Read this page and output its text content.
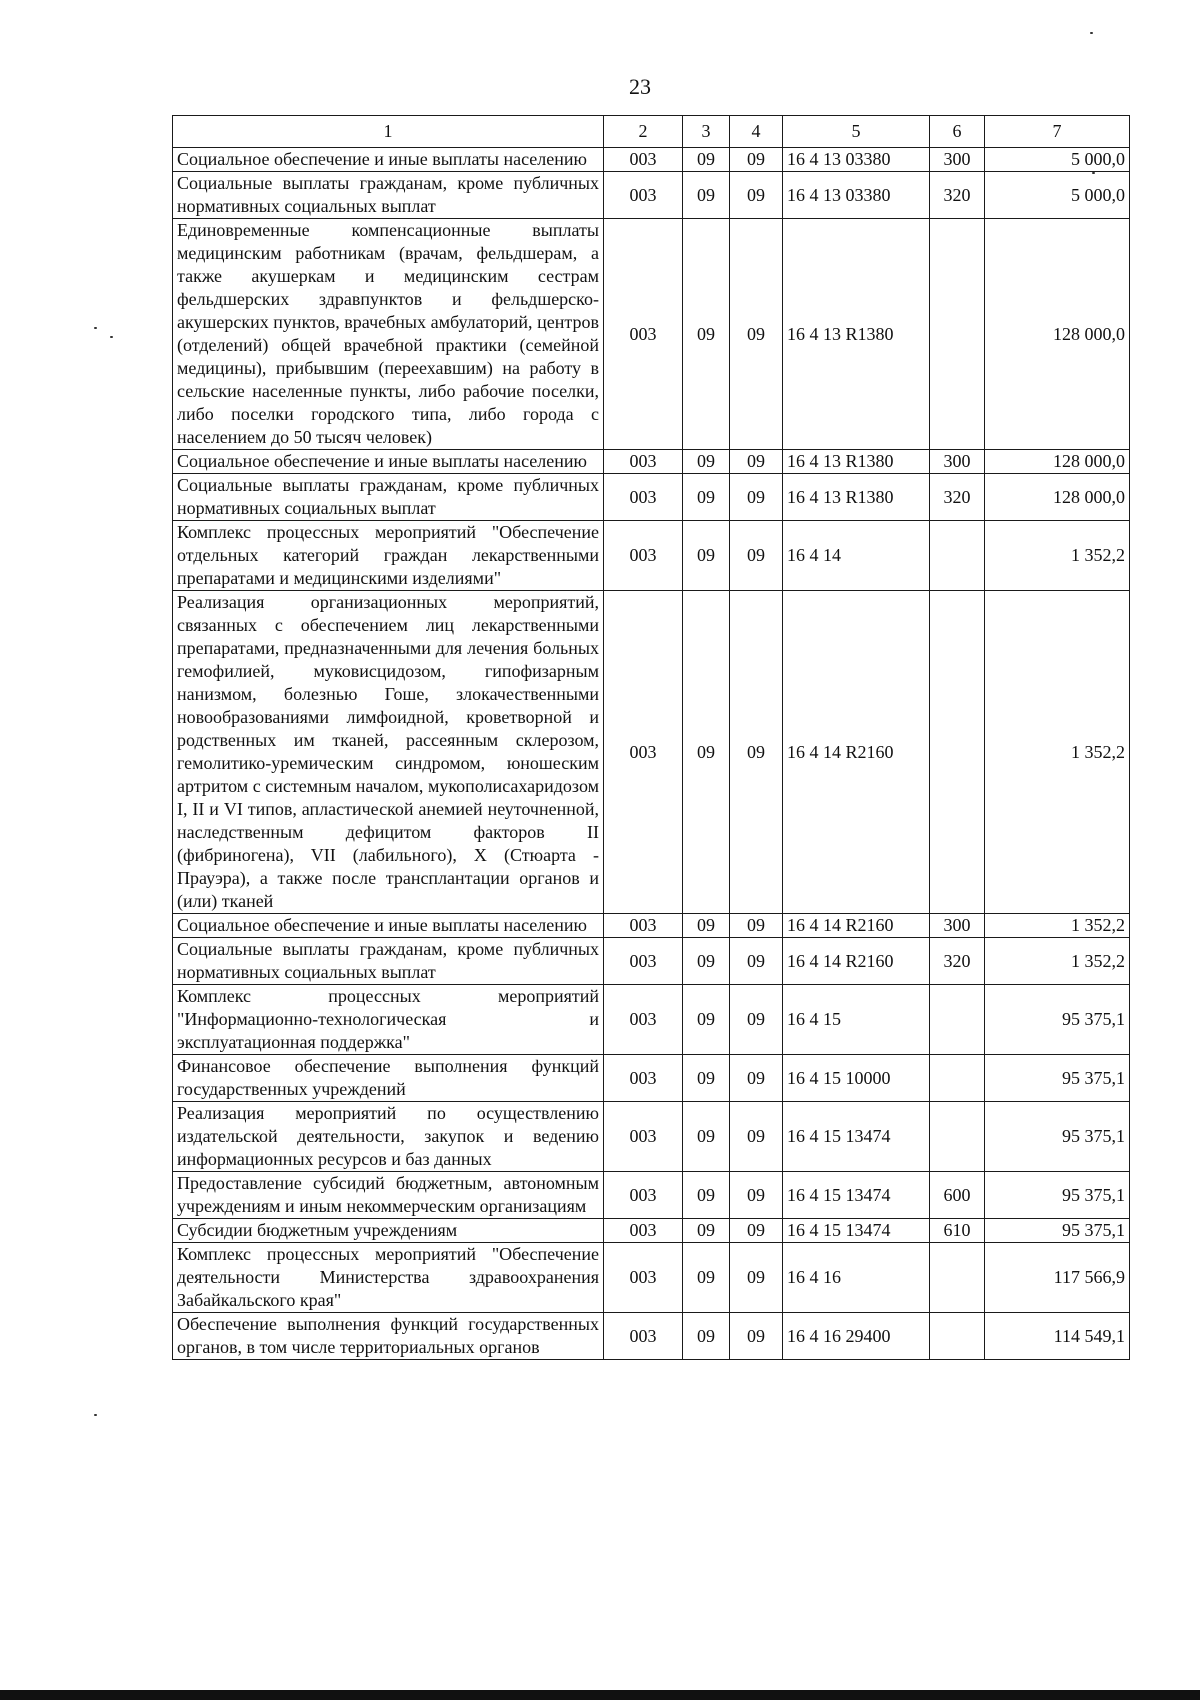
23
1	2	3	4	5	6	7
Социальное обеспечение и иные выплаты населению	003	09	09	16 4 13 03380	300	5 000,0
Социальные выплаты гражданам, кроме публичных нормативных социальных выплат	003	09	09	16 4 13 03380	320	5 000,0
Единовременные компенсационные выплаты медицинским работникам (врачам, фельдшерам, а также акушеркам и медицинским сестрам фельдшерских здравпунктов и фельдшерско-акушерских пунктов, врачебных амбулаторий, центров (отделений) общей врачебной практики (семейной медицины), прибывшим (переехавшим) на работу в сельские населенные пункты, либо рабочие поселки, либо поселки городского типа, либо города с населением до 50 тысяч человек)	003	09	09	16 4 13 R1380		128 000,0
Социальное обеспечение и иные выплаты населению	003	09	09	16 4 13 R1380	300	128 000,0
Социальные выплаты гражданам, кроме публичных нормативных социальных выплат	003	09	09	16 4 13 R1380	320	128 000,0
Комплекс процессных мероприятий "Обеспечение отдельных категорий граждан лекарственными препаратами и медицинскими изделиями"	003	09	09	16 4 14		1 352,2
Реализация организационных мероприятий, связанных с обеспечением лиц лекарственными препаратами, предназначенными для лечения больных гемофилией, муковисцидозом, гипофизарным нанизмом, болезнью Гоше, злокачественными новообразованиями лимфоидной, кроветворной и родственных им тканей, рассеянным склерозом, гемолитико-уремическим синдромом, юношеским артритом с системным началом, мукополисахаридозом I, II и VI типов, апластической анемией неуточненной, наследственным дефицитом факторов II (фибриногена), VII (лабильного), X (Стюарта - Прауэра), а также после трансплантации органов и (или) тканей	003	09	09	16 4 14 R2160		1 352,2
Социальное обеспечение и иные выплаты населению	003	09	09	16 4 14 R2160	300	1 352,2
Социальные выплаты гражданам, кроме публичных нормативных социальных выплат	003	09	09	16 4 14 R2160	320	1 352,2
Комплекс процессных мероприятий "Информационно-технологическая и эксплуатационная поддержка"	003	09	09	16 4 15		95 375,1
Финансовое обеспечение выполнения функций государственных учреждений	003	09	09	16 4 15 10000		95 375,1
Реализация мероприятий по осуществлению издательской деятельности, закупок и ведению информационных ресурсов и баз данных	003	09	09	16 4 15 13474		95 375,1
Предоставление субсидий бюджетным, автономным учреждениям и иным некоммерческим организациям	003	09	09	16 4 15 13474	600	95 375,1
Субсидии бюджетным учреждениям	003	09	09	16 4 15 13474	610	95 375,1
Комплекс процессных мероприятий "Обеспечение деятельности Министерства здравоохранения Забайкальского края"	003	09	09	16 4 16		117 566,9
Обеспечение выполнения функций государственных органов, в том числе территориальных органов	003	09	09	16 4 16 29400		114 549,1
